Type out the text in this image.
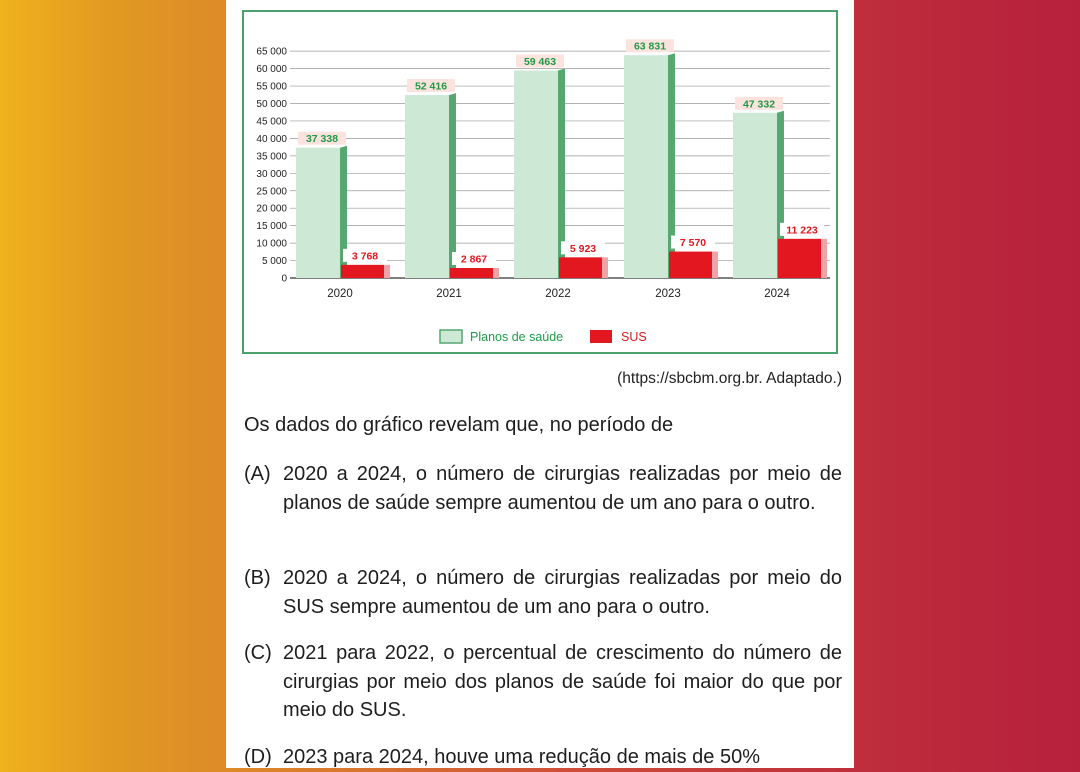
0
5 000
10 000
15 000
20 000
25 000
30 000
35 000
40 000
45 000
50 000
55 000
60 000
65 000
37 338
3 768
2020
52 416
2 867
2021
59 463
5 923
2022
63 831
7 570
2023
47 332
11 223
2024
Planos de saúde	SUS
(https://sbcbm.org.br. Adaptado.)
Os dados do gráfico revelam que, no período de
(A) 2020 a 2024, o número de cirurgias realizadas por meio de planos de saúde sempre aumentou de um ano para o outro.
(B) 2020 a 2024, o número de cirurgias realizadas por meio do SUS sempre aumentou de um ano para o outro.
(C) 2021 para 2022, o percentual de crescimento do número de cirurgias por meio dos planos de saúde foi maior do que por meio do SUS.
(D) 2023 para 2024, houve uma redução de mais de 50%
